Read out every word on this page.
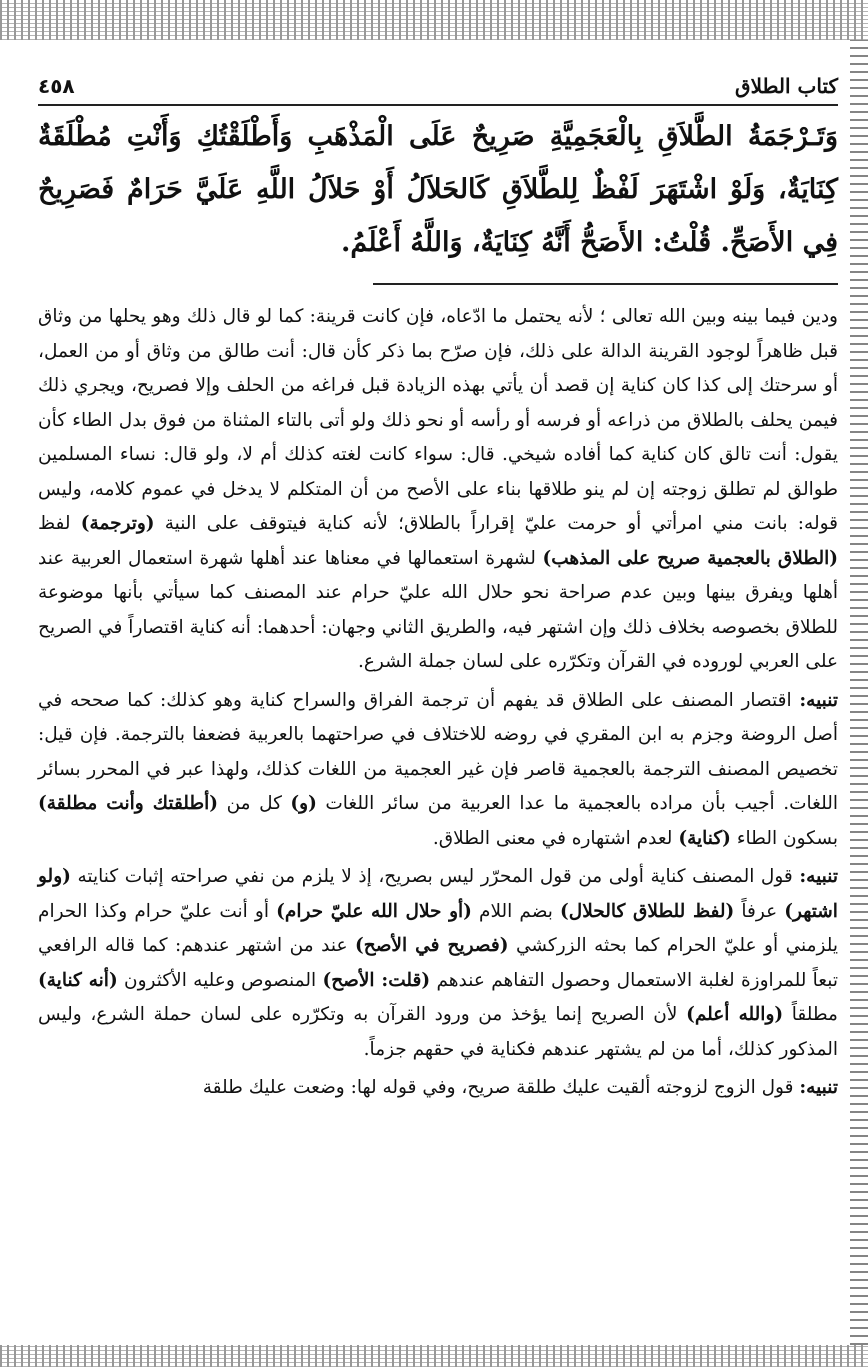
٤٥٨	كتاب الطلاق
وَتَـرْجَمَةُ الطَّلاَقِ بِالْعَجَمِيَّةِ صَرِيحٌ عَلَى الْمَذْهَبِ وَأَطْلَقْتُكِ وَأَنْتِ مُطْلَقَةٌ كِنَايَةٌ، وَلَوْ اشْتَهَرَ لَفْظٌ لِلطَّلاَقِ كَالحَلاَلُ أَوْ حَلاَلُ اللَّهِ عَلَيَّ حَرَامٌ فَصَرِيحٌ فِي الأَصَحِّ. قُلْتُ: الأَصَحُّ أَنَّهُ كِنَايَةٌ، وَاللَّهُ أَعْلَمُ.

ودين فيما بينه وبين الله تعالى ؛ لأنه يحتمل ما ادّعاه، فإن كانت قرينة: كما لو قال ذلك وهو يحلها من وثاق قبل ظاهراً لوجود القرينة الدالة على ذلك، فإن صرّح بما ذكر كأن قال: أنت طالق من وثاق أو من العمل، أو سرحتك إلى كذا كان كناية إن قصد أن يأتي بهذه الزيادة قبل فراغه من الحلف وإلا فصريح، ويجري ذلك فيمن يحلف بالطلاق من ذراعه أو فرسه أو رأسه أو نحو ذلك ولو أتى بالتاء المثناة من فوق بدل الطاء كأن يقول: أنت تالق كان كناية كما أفاده شيخي. قال: سواء كانت لغته كذلك أم لا، ولو قال: نساء المسلمين طوالق لم تطلق زوجته إن لم ينو طلاقها بناء على الأصح من أن المتكلم لا يدخل في عموم كلامه، وليس قوله: بانت مني امرأتي أو حرمت عليّ إقراراً بالطلاق؛ لأنه كناية فيتوقف على النية (وترجمة) لفظ (الطلاق بالعجمية صريح على المذهب) لشهرة استعمالها في معناها عند أهلها شهرة استعمال العربية عند أهلها ويفرق بينها وبين عدم صراحة نحو حلال الله عليّ حرام عند المصنف كما سيأتي بأنها موضوعة للطلاق بخصوصه بخلاف ذلك وإن اشتهر فيه، والطريق الثاني وجهان: أحدهما: أنه كناية اقتصاراً في الصريح على العربي لوروده في القرآن وتكرّره على لسان جملة الشرع.

تنبيه: اقتصار المصنف على الطلاق قد يفهم أن ترجمة الفراق والسراح كناية وهو كذلك: كما صححه في أصل الروضة وجزم به ابن المقري في روضه للاختلاف في صراحتهما بالعربية فضعفا بالترجمة. فإن قيل: تخصيص المصنف الترجمة بالعجمية قاصر فإن غير العجمية من اللغات كذلك، ولهذا عبر في المحرر بسائر اللغات. أجيب بأن مراده بالعجمية ما عدا العربية من سائر اللغات (و) كل من (أطلقتك وأنت مطلقة) بسكون الطاء (كناية) لعدم اشتهاره في معنى الطلاق.

تنبيه: قول المصنف كناية أولى من قول المحرّر ليس بصريح، إذ لا يلزم من نفي صراحته إثبات كنايته (ولو اشتهر) عرفاً (لفظ للطلاق كالحلال) بضم اللام (أو حلال الله عليّ حرام) أو أنت عليّ حرام وكذا الحرام يلزمني أو عليّ الحرام كما بحثه الزركشي (فصريح في الأصح) عند من اشتهر عندهم: كما قاله الرافعي تبعاً للمراوزة لغلبة الاستعمال وحصول التفاهم عندهم (قلت: الأصح) المنصوص وعليه الأكثرون (أنه كناية) مطلقاً (والله أعلم) لأن الصريح إنما يؤخذ من ورود القرآن به وتكرّره على لسان حملة الشرع، وليس المذكور كذلك، أما من لم يشتهر عندهم فكناية في حقهم جزماً.

تنبيه: قول الزوج لزوجته ألقيت عليك طلقة صريح، وفي قوله لها: وضعت عليك طلقة
